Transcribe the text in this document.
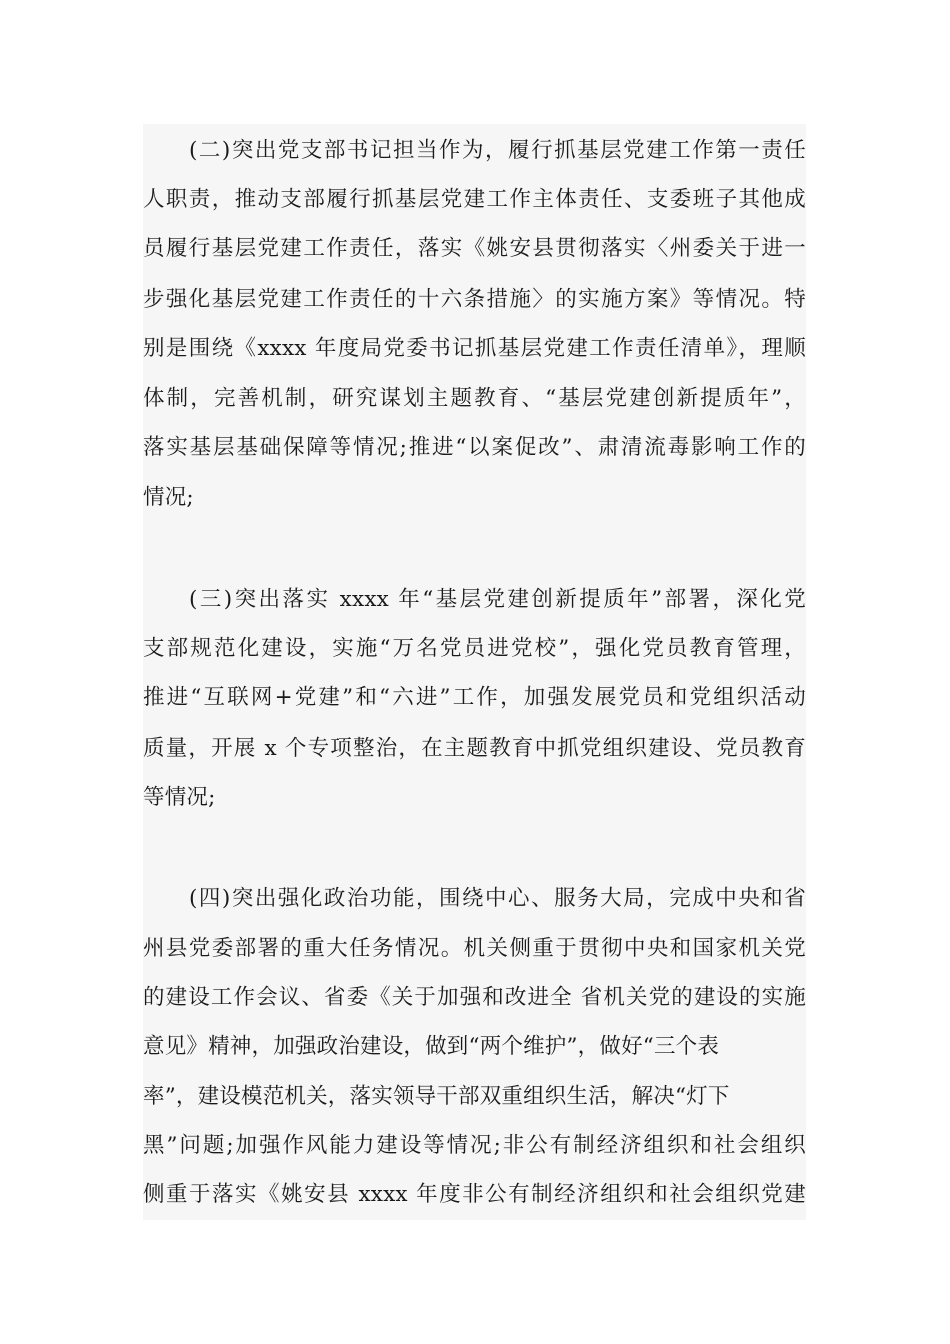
(二)突出党支部书记担当作为，履行抓基层党建工作第一责任
人职责，推动支部履行抓基层党建工作主体责任、支委班子其他成
员履行基层党建工作责任，落实《姚安县贯彻落实〈州委关于进一
步强化基层党建工作责任的十六条措施〉的实施方案》等情况。特
别是围绕《xxxx 年度局党委书记抓基层党建工作责任清单》，理顺
体制，完善机制，研究谋划主题教育、“基层党建创新提质年”，
落实基层基础保障等情况;推进“以案促改”、肃清流毒影响工作的
情况;
(三)突出落实 xxxx 年“基层党建创新提质年”部署，深化党
支部规范化建设，实施“万名党员进党校”，强化党员教育管理，
推进“互联网+党建”和“六进”工作，加强发展党员和党组织活动
质量，开展 x 个专项整治，在主题教育中抓党组织建设、党员教育
等情况;
(四)突出强化政治功能，围绕中心、服务大局，完成中央和省
州县党委部署的重大任务情况。机关侧重于贯彻中央和国家机关党
的建设工作会议、省委《关于加强和改进全 省机关党的建设的实施
意见》精神，加强政治建设，做到“两个维护”，做好“三个表
率”，建设模范机关，落实领导干部双重组织生活，解决“灯下
黑”问题;加强作风能力建设等情况;非公有制经济组织和社会组织
侧重于落实《姚安县 xxxx 年度非公有制经济组织和社会组织党建
